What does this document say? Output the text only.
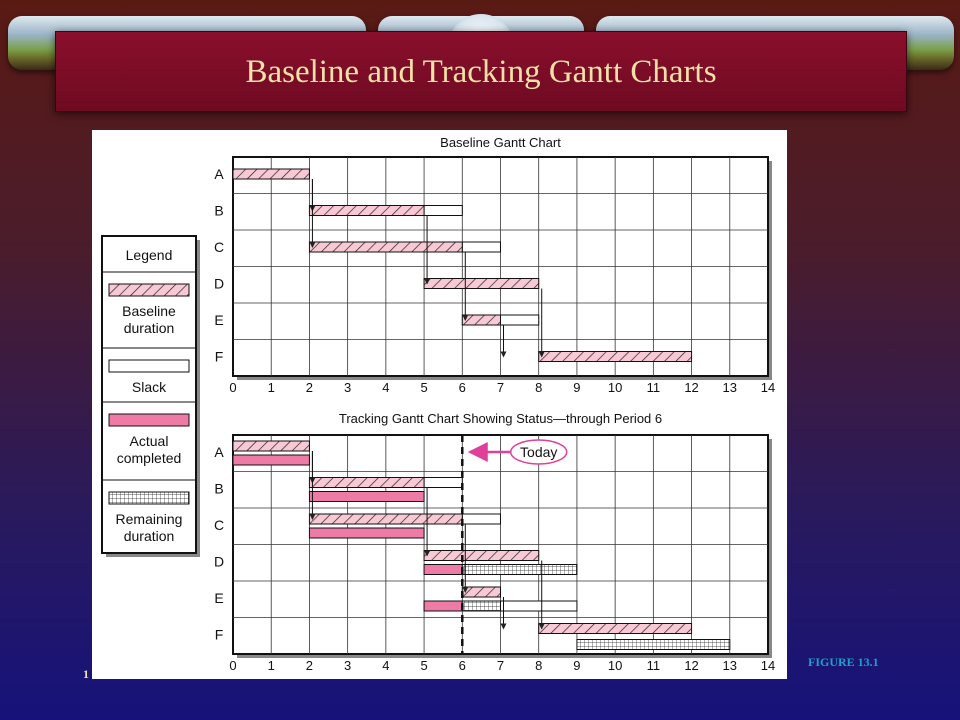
Baseline and Tracking Gantt Charts
Legend
Baseline
duration
Slack
Actual
completed
Remaining
duration
Baseline Gantt Chart
A
B
C
D
E
F
0 1 2 3 4 5 6 7 8 9 10 11 12 13 14
Tracking Gantt Chart Showing Status—through Period 6
A
B
C
D
E
F
0 1 2 3 4 5 6 7 8 9 10 11 12 13 14
Today
FIGURE 13.1
1
